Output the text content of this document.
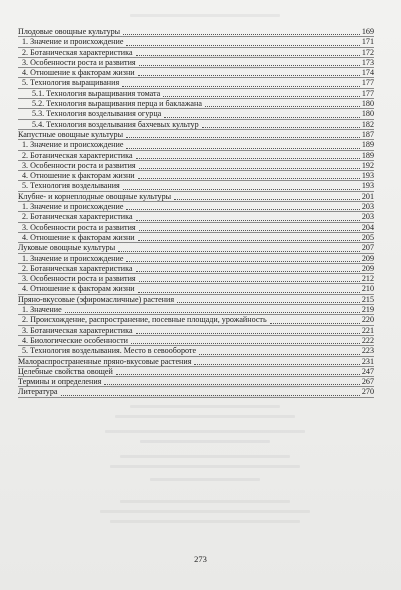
Плодовые овощные культуры	169
1. Значение и происхождение	171
2. Ботаническая характеристика	172
3. Особенности роста и развития	173
4. Отношение к факторам жизни	174
5. Технология выращивания	177
5.1. Технология выращивания томата	177
5.2. Технология выращивания перца и баклажана	180
5.3. Технология возделывания огурца	180
5.4. Технология возделывания бахчевых культур	182
Капустные овощные культуры	187
1. Значение и происхождение	189
2. Ботаническая характеристика	189
3. Особенности роста и развития	192
4. Отношение к факторам жизни	193
5. Технология возделывания	193
Клубне- и корнеплодные овощные культуры	201
1. Значение и происхождение	203
2. Ботаническая характеристика	203
3. Особенности роста и развития	204
4. Отношение к факторам жизни	205
Луковые овощные культуры	207
1. Значение и происхождение	209
2. Ботаническая характеристика	209
3. Особенности роста и развития	212
4. Отношение к факторам жизни	210
Пряно-вкусовые (эфиромасличные) растения	215
1. Значение	219
2. Происхождение, распространение, посевные площади, урожайность	220
3. Ботаническая характеристика	221
4. Биологические особенности	222
5. Технология возделывания. Место в севообороте	223
Малораспространенные пряно-вкусовые растения	231
Целебные свойства овощей	247
Термины и определения	267
Литература	270
273
